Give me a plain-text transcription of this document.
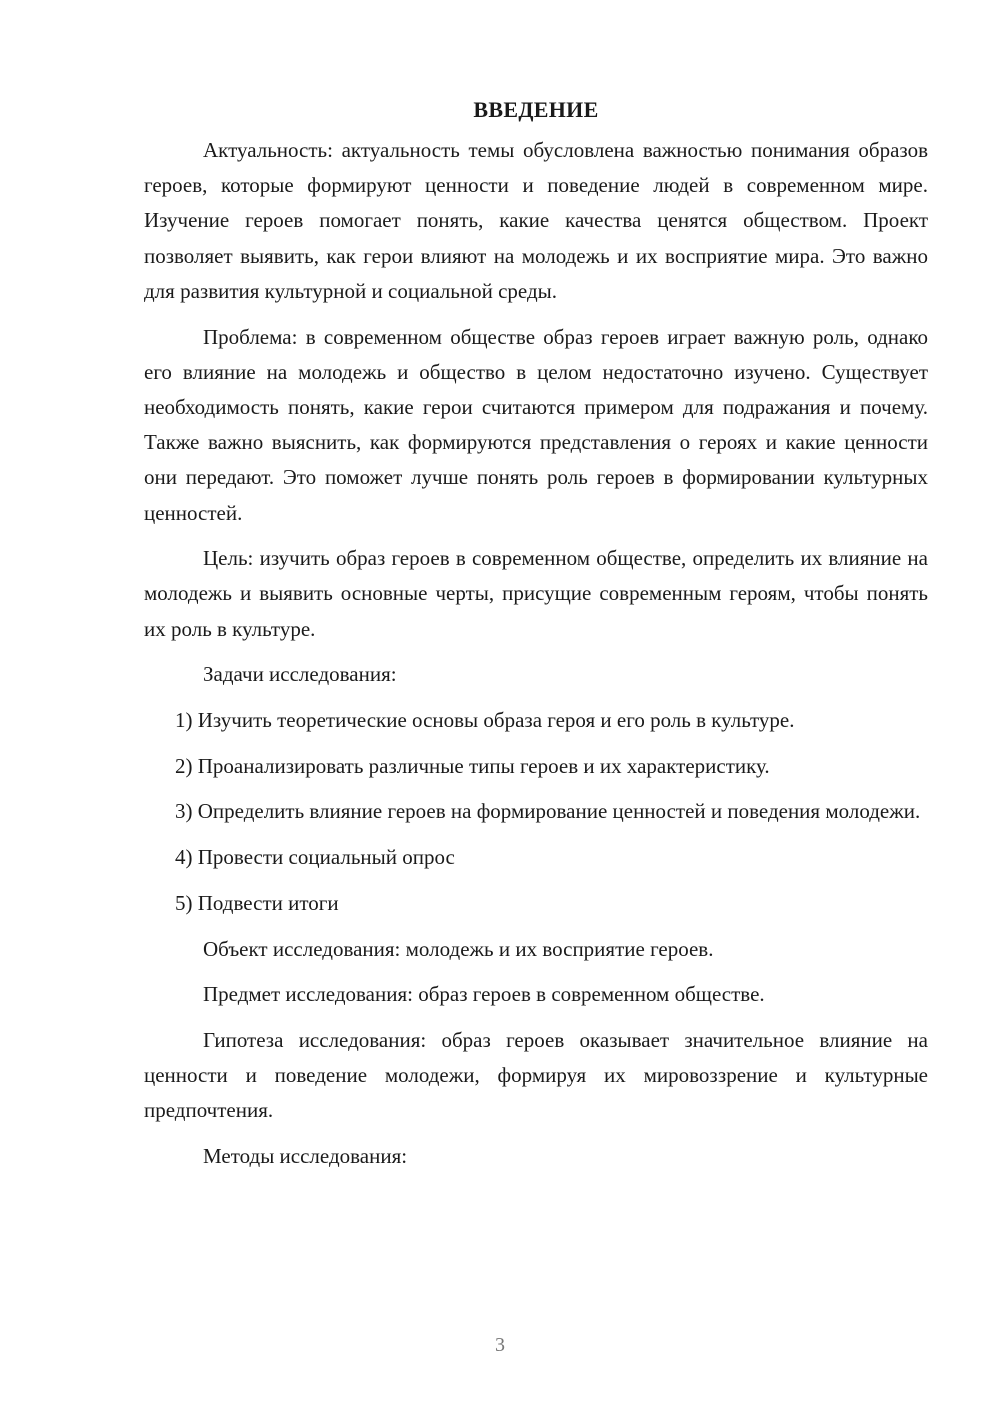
ВВЕДЕНИЕ

Актуальность: актуальность темы обусловлена важностью понимания образов героев, которые формируют ценности и поведение людей в современном мире. Изучение героев помогает понять, какие качества ценятся обществом. Проект позволяет выявить, как герои влияют на молодежь и их восприятие мира. Это важно для развития культурной и социальной среды.

Проблема: в современном обществе образ героев играет важную роль, однако его влияние на молодежь и общество в целом недостаточно изучено. Существует необходимость понять, какие герои считаются примером для подражания и почему. Также важно выяснить, как формируются представления о героях и какие ценности они передают. Это поможет лучше понять роль героев в формировании культурных ценностей.

Цель: изучить образ героев в современном обществе, определить их влияние на молодежь и выявить основные черты, присущие современным героям, чтобы понять их роль в культуре.

Задачи исследования:

1) Изучить теоретические основы образа героя и его роль в культуре.

2) Проанализировать различные типы героев и их характеристику.

3) Определить влияние героев на формирование ценностей и поведения молодежи.

4) Провести социальный опрос

5) Подвести итоги

Объект исследования: молодежь и их восприятие героев.

Предмет исследования: образ героев в современном обществе.

Гипотеза исследования: образ героев оказывает значительное влияние на ценности и поведение молодежи, формируя их мировоззрение и культурные предпочтения.

Методы исследования:

3
